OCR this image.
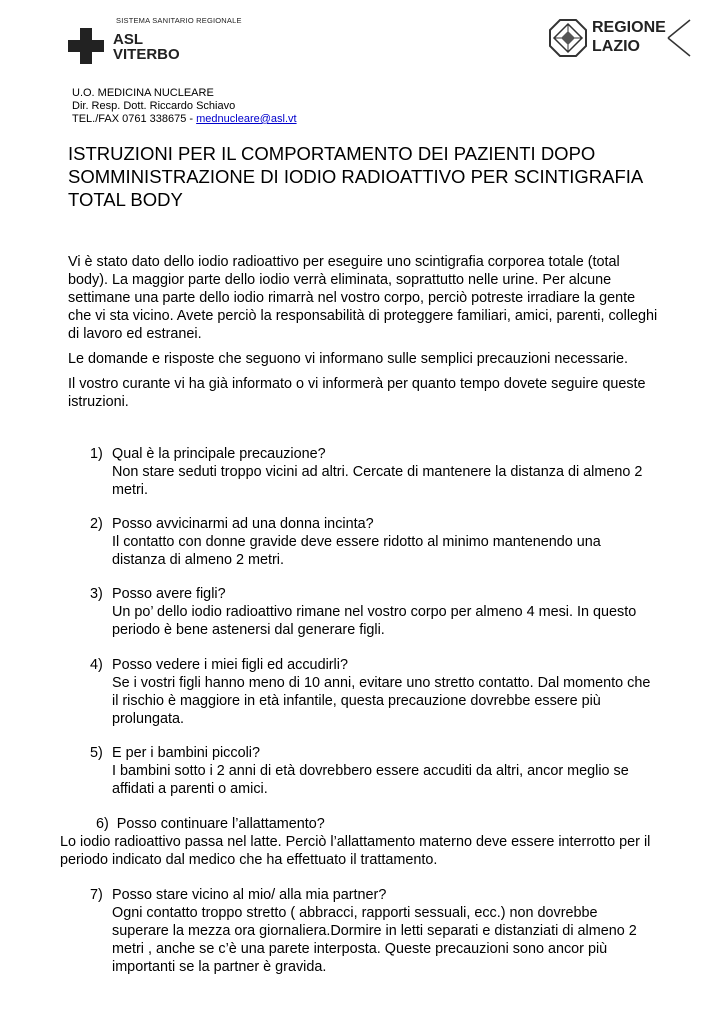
SISTEMA SANITARIO REGIONALE
ASL
VITERBO
REGIONE
LAZIO
U.O. MEDICINA NUCLEARE
Dir. Resp. Dott. Riccardo Schiavo
TEL./FAX 0761 338675 - mednucleare@asl.vt
ISTRUZIONI PER IL COMPORTAMENTO DEI PAZIENTI DOPO SOMMINISTRAZIONE DI IODIO RADIOATTIVO PER SCINTIGRAFIA TOTAL BODY

Vi è stato dato dello iodio radioattivo per eseguire uno scintigrafia corporea totale (total body). La maggior parte dello iodio verrà eliminata, soprattutto nelle urine. Per alcune settimane una parte dello iodio rimarrà nel vostro corpo, perciò potreste irradiare la gente che vi sta vicino. Avete perciò la responsabilità di proteggere familiari, amici, parenti, colleghi di lavoro ed estranei.

Le domande e risposte che seguono vi informano sulle semplici precauzioni necessarie.

Il vostro curante vi ha già informato o vi informerà per quanto tempo dovete seguire queste istruzioni.

1) Qual è la principale precauzione?
Non stare seduti troppo vicini ad altri. Cercate di mantenere la distanza di almeno 2 metri.
2) Posso avvicinarmi ad una donna incinta?
Il contatto con donne gravide deve essere ridotto al minimo mantenendo una distanza di almeno 2 metri.
3) Posso avere figli?
Un po’ dello iodio radioattivo rimane nel vostro corpo per almeno 4 mesi. In questo periodo è bene astenersi dal generare figli.
4) Posso vedere i miei figli ed accudirli?
Se i vostri figli hanno meno di 10 anni, evitare uno stretto contatto. Dal momento che il rischio è maggiore in età infantile, questa precauzione dovrebbe essere più prolungata.
5) E per i bambini piccoli?
I bambini sotto i 2 anni di età dovrebbero essere accuditi da altri, ancor meglio se affidati a parenti o amici.
6) Posso continuare l’allattamento?
Lo iodio radioattivo passa nel latte. Perciò l’allattamento materno deve essere interrotto per il periodo indicato dal medico che ha effettuato il trattamento.
7) Posso stare vicino al mio/ alla mia partner?
Ogni contatto troppo stretto ( abbracci, rapporti sessuali, ecc.) non dovrebbe superare la mezza ora giornaliera.Dormire in letti separati e distanziati di almeno 2 metri , anche se c’è una parete interposta. Queste precauzioni sono ancor più importanti se la partner è gravida.
